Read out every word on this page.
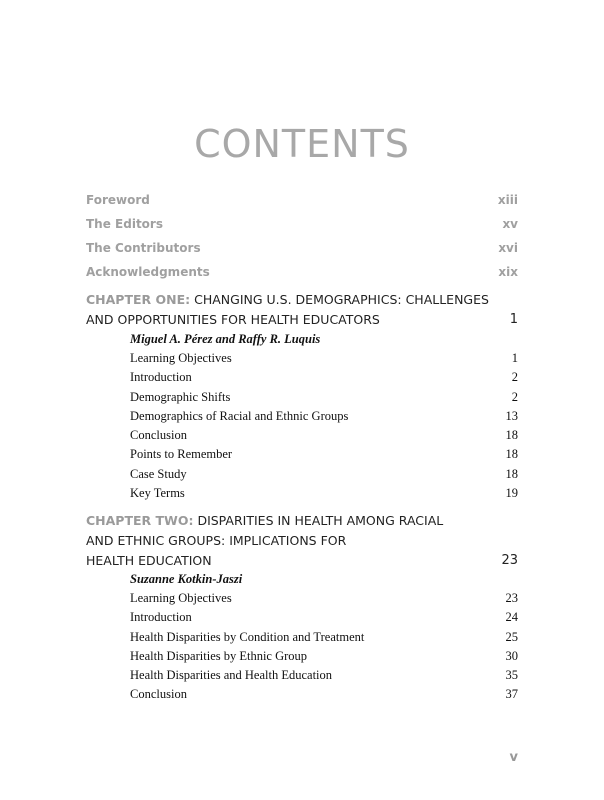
CONTENTS
Foreword	xiii
The Editors	xv
The Contributors	xvi
Acknowledgments	xix
CHAPTER ONE: CHANGING U.S. DEMOGRAPHICS: CHALLENGES
AND OPPORTUNITIES FOR HEALTH EDUCATORS	1
Miguel A. Pérez and Raffy R. Luquis
Learning Objectives	1
Introduction	2
Demographic Shifts	2
Demographics of Racial and Ethnic Groups	13
Conclusion	18
Points to Remember	18
Case Study	18
Key Terms	19
CHAPTER TWO: DISPARITIES IN HEALTH AMONG RACIAL
AND ETHNIC GROUPS: IMPLICATIONS FOR
HEALTH EDUCATION	23
Suzanne Kotkin-Jaszi
Learning Objectives	23
Introduction	24
Health Disparities by Condition and Treatment	25
Health Disparities by Ethnic Group	30
Health Disparities and Health Education	35
Conclusion	37
v
